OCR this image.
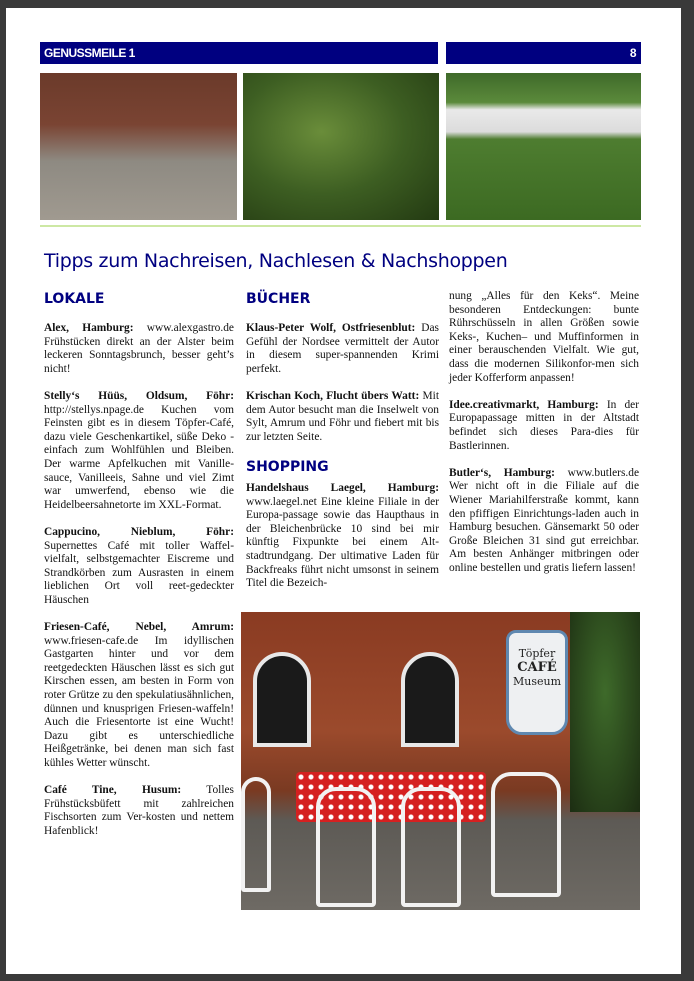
GENUSSMEILE 1	8
Tipps zum Nachreisen, Nachlesen & Nachshoppen
LOKALE
Alex, Hamburg: www.alexgastro.de Frühstücken direkt an der Alster beim leckeren Sonntagsbrunch, besser geht’s nicht!
Stelly‘s Hüüs, Oldsum, Föhr: http://stellys.npage.de Kuchen vom Feinsten gibt es in diesem Töpfer-Café, dazu viele Geschenkartikel, süße Deko - einfach zum Wohlfühlen und Bleiben. Der warme Apfelkuchen mit Vanille-sauce, Vanilleeis, Sahne und viel Zimt war umwerfend, ebenso wie die Heidelbeersahnetorte im XXL-Format.
Cappucino, Nieblum, Föhr: Supernettes Café mit toller Waffel-vielfalt, selbstgemachter Eiscreme und Strandkörben zum Ausrasten in einem lieblichen Ort voll reet-gedeckter Häuschen
Friesen-Café, Nebel, Amrum: www.friesen-cafe.de Im idyllischen Gastgarten hinter und vor dem reetgedeckten Häuschen lässt es sich gut Kirschen essen, am besten in Form von roter Grütze zu den spekulatiusähnlichen, dünnen und knusprigen Friesen-waffeln! Auch die Friesentorte ist eine Wucht! Dazu gibt es unterschiedliche Heißgetränke, bei denen man sich fast kühles Wetter wünscht.
Café Tine, Husum: Tolles Frühstücksbüfett mit zahlreichen Fischsorten zum Ver-kosten und nettem Hafenblick!
BÜCHER
Klaus-Peter Wolf, Ostfriesenblut: Das Gefühl der Nordsee vermittelt der Autor in diesem super-spannenden Krimi perfekt.
Krischan Koch, Flucht übers Watt: Mit dem Autor besucht man die Inselwelt von Sylt, Amrum und Föhr und fiebert mit bis zur letzten Seite.
SHOPPING
Handelshaus Laegel, Hamburg: www.laegel.net Eine kleine Filiale in der Europa-passage sowie das Haupthaus in der Bleichenbrücke 10 sind bei mir künftig Fixpunkte bei einem Alt-stadtrundgang. Der ultimative Laden für Backfreaks führt nicht umsonst in seinem Titel die Bezeich-
nung „Alles für den Keks“. Meine besonderen Entdeckungen: bunte Rührschüsseln in allen Größen sowie Keks-, Kuchen– und Muffinformen in einer berauschenden Vielfalt. Wie gut, dass die modernen Silikonfor-men sich jeder Kofferform anpassen!
Idee.creativmarkt, Hamburg: In der Europapassage mitten in der Altstadt befindet sich dieses Para-dies für Bastlerinnen.
Butler‘s, Hamburg: www.butlers.de Wer nicht oft in die Filiale auf die Wiener Mariahilferstraße kommt, kann den pfiffigen Einrichtungs-laden auch in Hamburg besuchen. Gänsemarkt 50 oder Große Bleichen 31 sind gut erreichbar. Am besten Anhänger mitbringen oder online bestellen und gratis liefern lassen!
Töpfer
CAFÉ
Museum
